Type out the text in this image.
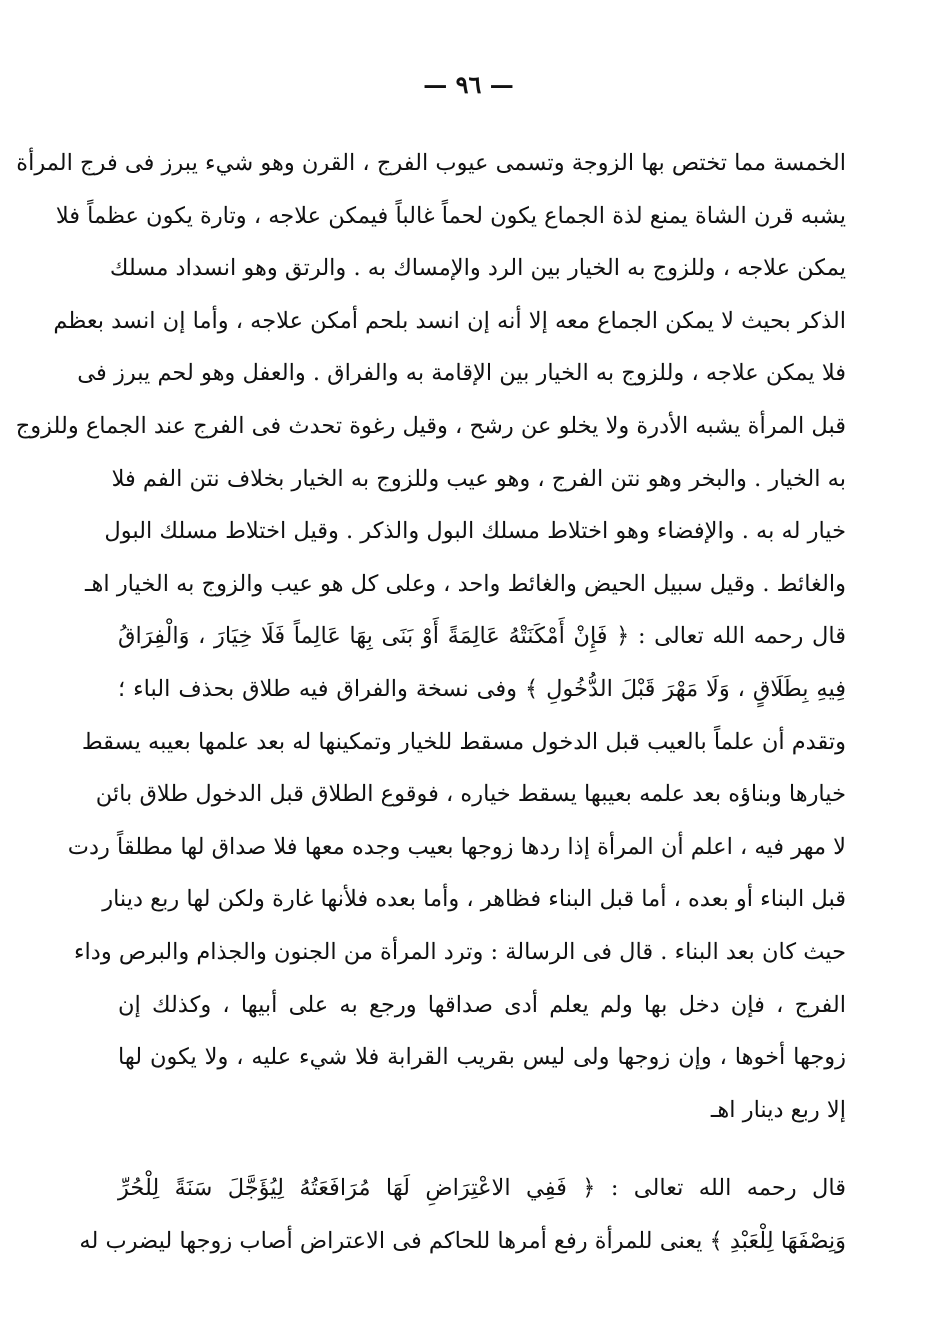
— ٩٦ —
الخمسة مما تختص بها الزوجة وتسمى عيوب الفرج ، القرن وهو شيء يبرز فى فرج المرأة
يشبه قرن الشاة يمنع لذة الجماع يكون لحماً غالباً فيمكن علاجه ، وتارة يكون عظماً فلا
يمكن علاجه ، وللزوج به الخيار بين الرد والإمساك به . والرتق وهو انسداد مسلك
الذكر بحيث لا يمكن الجماع معه إلا أنه إن انسد بلحم أمكن علاجه ، وأما إن انسد بعظم
فلا يمكن علاجه ، وللزوج به الخيار بين الإقامة به والفراق . والعفل وهو لحم يبرز فى
قبل المرأة يشبه الأدرة ولا يخلو عن رشح ، وقيل رغوة تحدث فى الفرج عند الجماع وللزوج
به الخيار . والبخر وهو نتن الفرج ، وهو عيب وللزوج به الخيار بخلاف نتن الفم فلا
خيار له به . والإفضاء وهو اختلاط مسلك البول والذكر . وقيل اختلاط مسلك البول
والغائط . وقيل سبيل الحيض والغائط واحد ، وعلى كل هو عيب والزوج به الخيار اهـ
قال رحمه الله تعالى : ﴿ فَإِنْ أَمْكَنَتْهُ عَالِمَةً أَوْ بَنَى بِهَا عَالِماً فَلَا خِيَارَ ، وَالْفِرَاقُ
فِيهِ بِطَلَاقٍ ، وَلَا مَهْرَ قَبْلَ الدُّخُولِ ﴾ وفى نسخة والفراق فيه طلاق بحذف الباء ؛
وتقدم أن علماً بالعيب قبل الدخول مسقط للخيار وتمكينها له بعد علمها بعيبه يسقط
خيارها وبناؤه بعد علمه بعيبها يسقط خياره ، فوقوع الطلاق قبل الدخول طلاق بائن
لا مهر فيه ، اعلم أن المرأة إذا ردها زوجها بعيب وجده معها فلا صداق لها مطلقاً ردت
قبل البناء أو بعده ، أما قبل البناء فظاهر ، وأما بعده فلأنها غارة ولكن لها ربع دينار
حيث كان بعد البناء . قال فى الرسالة : وترد المرأة من الجنون والجذام والبرص وداء
الفرج ، فإن دخل بها ولم يعلم أدى صداقها ورجع به على أبيها ، وكذلك إن
زوجها أخوها ، وإن زوجها ولى ليس بقريب القرابة فلا شيء عليه ، ولا يكون لها
إلا ربع دينار اهـ
قال رحمه الله تعالى : ﴿ فَفِي الاعْتِرَاضِ لَهَا مُرَافَعَتُهُ لِيُؤَجَّلَ سَنَةً لِلْحُرِّ
وَنِصْفَهَا لِلْعَبْدِ ﴾ يعنى للمرأة رفع أمرها للحاكم فى الاعتراض أصاب زوجها ليضرب له
